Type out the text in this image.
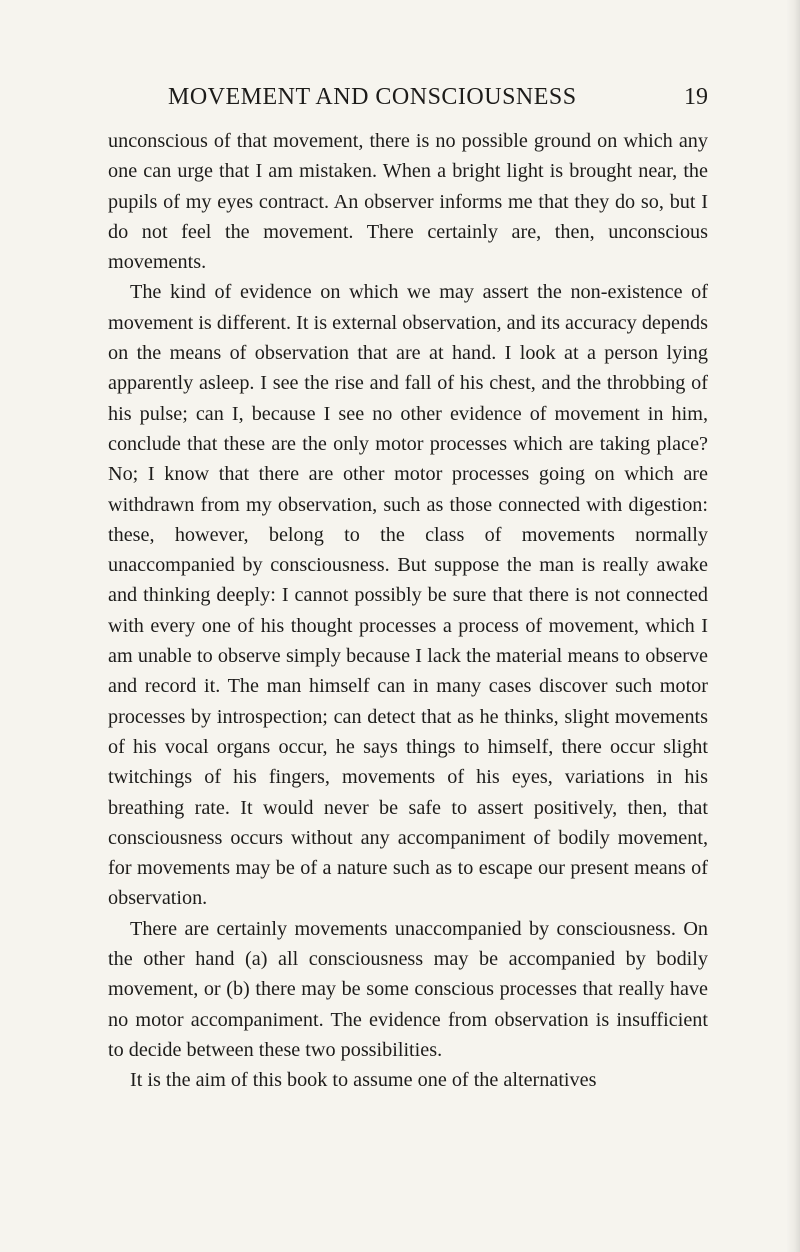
MOVEMENT AND CONSCIOUSNESS	19

unconscious of that movement, there is no possible ground on which any one can urge that I am mistaken. When a bright light is brought near, the pupils of my eyes contract. An observer informs me that they do so, but I do not feel the movement. There certainly are, then, unconscious movements.

The kind of evidence on which we may assert the non-existence of movement is different. It is external observation, and its accuracy depends on the means of observation that are at hand. I look at a person lying apparently asleep. I see the rise and fall of his chest, and the throbbing of his pulse; can I, because I see no other evidence of movement in him, conclude that these are the only motor processes which are taking place? No; I know that there are other motor processes going on which are withdrawn from my observation, such as those connected with digestion: these, however, belong to the class of movements normally unaccompanied by consciousness. But suppose the man is really awake and thinking deeply: I cannot possibly be sure that there is not connected with every one of his thought processes a process of movement, which I am unable to observe simply because I lack the material means to observe and record it. The man himself can in many cases discover such motor processes by introspection; can detect that as he thinks, slight movements of his vocal organs occur, he says things to himself, there occur slight twitchings of his fingers, movements of his eyes, variations in his breathing rate. It would never be safe to assert positively, then, that consciousness occurs without any accompaniment of bodily movement, for movements may be of a nature such as to escape our present means of observation.

There are certainly movements unaccompanied by consciousness. On the other hand (a) all consciousness may be accompanied by bodily movement, or (b) there may be some conscious processes that really have no motor accompaniment. The evidence from observation is insufficient to decide between these two possibilities.

It is the aim of this book to assume one of the alternatives
